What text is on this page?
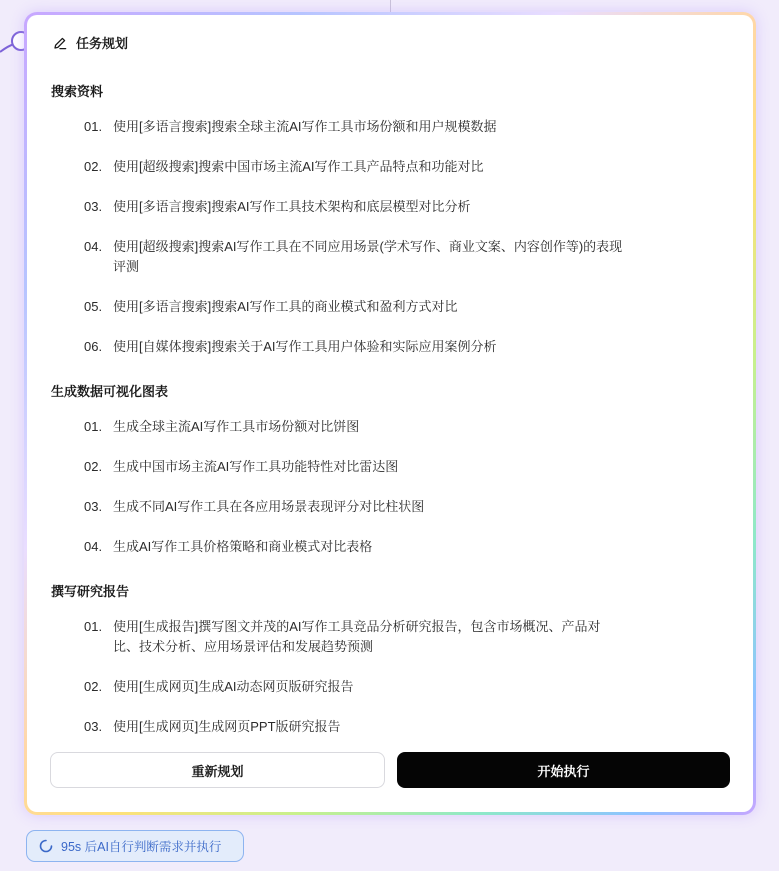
任务规划
搜索资料
01. 使用[多语言搜索]搜索全球主流AI写作工具市场份额和用户规模数据
02. 使用[超级搜索]搜索中国市场主流AI写作工具产品特点和功能对比
03. 使用[多语言搜索]搜索AI写作工具技术架构和底层模型对比分析
04. 使用[超级搜索]搜索AI写作工具在不同应用场景(学术写作、商业文案、内容创作等)的表现评测
05. 使用[多语言搜索]搜索AI写作工具的商业模式和盈利方式对比
06. 使用[自媒体搜索]搜索关于AI写作工具用户体验和实际应用案例分析
生成数据可视化图表
01. 生成全球主流AI写作工具市场份额对比饼图
02. 生成中国市场主流AI写作工具功能特性对比雷达图
03. 生成不同AI写作工具在各应用场景表现评分对比柱状图
04. 生成AI写作工具价格策略和商业模式对比表格
撰写研究报告
01. 使用[生成报告]撰写图文并茂的AI写作工具竞品分析研究报告，包含市场概况、产品对比、技术分析、应用场景评估和发展趋势预测
02. 使用[生成网页]生成AI动态网页版研究报告
03. 使用[生成网页]生成网页PPT版研究报告
重新规划	开始执行
95s 后AI自行判断需求并执行
